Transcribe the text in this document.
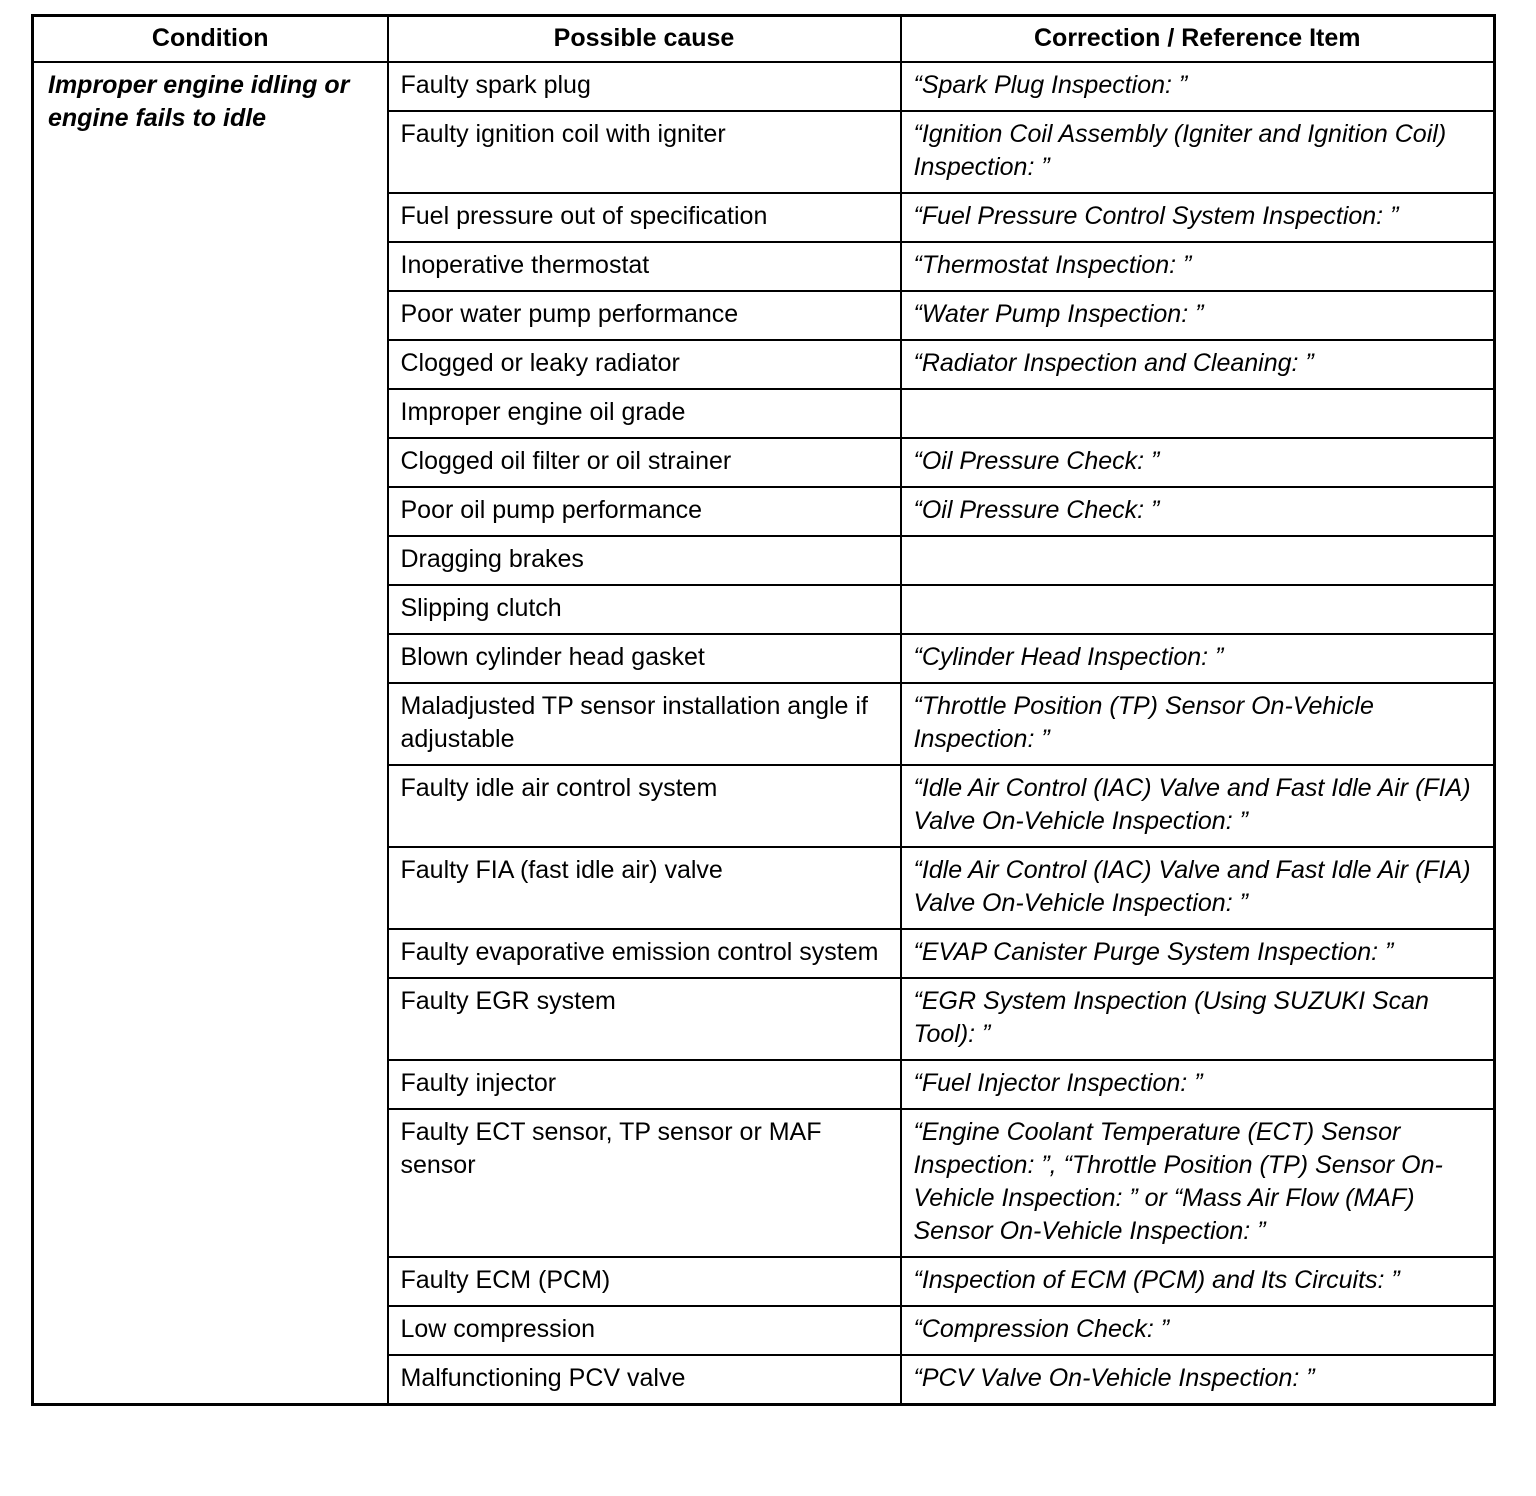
Condition	Possible cause	Correction / Reference Item
Improper engine idling or engine fails to idle	Faulty spark plug	“Spark Plug Inspection: ”
	Faulty ignition coil with igniter	“Ignition Coil Assembly (Igniter and Ignition Coil) Inspection: ”
	Fuel pressure out of specification	“Fuel Pressure Control System Inspection: ”
	Inoperative thermostat	“Thermostat Inspection: ”
	Poor water pump performance	“Water Pump Inspection: ”
	Clogged or leaky radiator	“Radiator Inspection and Cleaning: ”
	Improper engine oil grade	
	Clogged oil filter or oil strainer	“Oil Pressure Check: ”
	Poor oil pump performance	“Oil Pressure Check: ”
	Dragging brakes	
	Slipping clutch	
	Blown cylinder head gasket	“Cylinder Head Inspection: ”
	Maladjusted TP sensor installation angle if adjustable	“Throttle Position (TP) Sensor On-Vehicle Inspection: ”
	Faulty idle air control system	“Idle Air Control (IAC) Valve and Fast Idle Air (FIA) Valve On-Vehicle Inspection: ”
	Faulty FIA (fast idle air) valve	“Idle Air Control (IAC) Valve and Fast Idle Air (FIA) Valve On-Vehicle Inspection: ”
	Faulty evaporative emission control system	“EVAP Canister Purge System Inspection: ”
	Faulty EGR system	“EGR System Inspection (Using SUZUKI Scan Tool): ”
	Faulty injector	“Fuel Injector Inspection: ”
	Faulty ECT sensor, TP sensor or MAF sensor	“Engine Coolant Temperature (ECT) Sensor Inspection: ”, “Throttle Position (TP) Sensor On-Vehicle Inspection: ” or “Mass Air Flow (MAF) Sensor On-Vehicle Inspection: ”
	Faulty ECM (PCM)	“Inspection of ECM (PCM) and Its Circuits: ”
	Low compression	“Compression Check: ”
	Malfunctioning PCV valve	“PCV Valve On-Vehicle Inspection: ”
